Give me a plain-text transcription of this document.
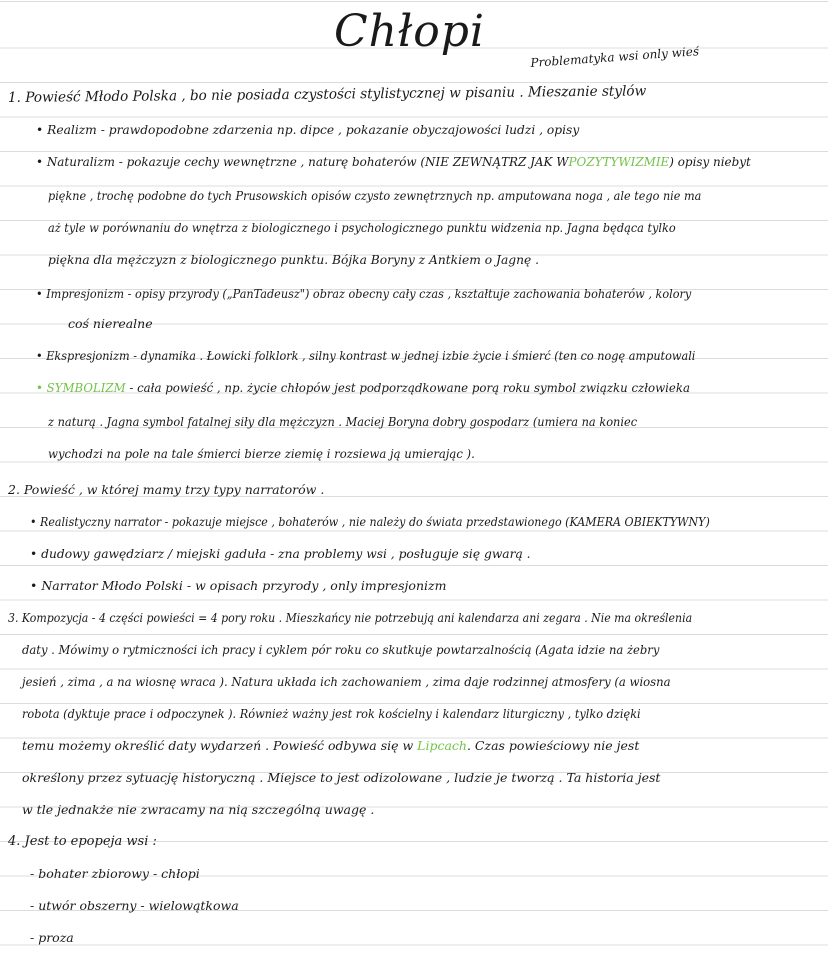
Chłopi
Problematyka wsi only wieś
1. Powieść Młodo Polska , bo nie posiada czystości stylistycznej w pisaniu . Mieszanie stylów
• Realizm - prawdopodobne zdarzenia np. dipce , pokazanie obyczajowości ludzi , opisy
• Naturalizm - pokazuje cechy wewnętrzne , naturę bohaterów (NIE ZEWNĄTRZ JAK WPOZYTYWIZMIE) opisy niebyt
piękne , trochę podobne do tych Prusowskich opisów czysto zewnętrznych np. amputowana noga , ale tego nie ma
aż tyle w porównaniu do wnętrza z biologicznego i psychologicznego punktu widzenia np. Jagna będąca tylko
piękna dla mężczyzn z biologicznego punktu. Bójka Boryny z Antkiem o Jagnę .
• Impresjonizm - opisy przyrody („PanTadeusz") obraz obecny cały czas , kształtuje zachowania bohaterów , kolory
coś nierealne
• Ekspresjonizm - dynamika . Łowicki folklork , silny kontrast w jednej izbie życie i śmierć (ten co nogę amputowali
• SYMBOLIZM - cała powieść , np. życie chłopów jest podporządkowane porą roku symbol związku człowieka
z naturą . Jagna symbol fatalnej siły dla mężczyzn . Maciej Boryna dobry gospodarz (umiera na koniec
wychodzi na pole na tale śmierci bierze ziemię i rozsiewa ją umierając ).
2. Powieść , w której mamy trzy typy narratorów .
• Realistyczny narrator - pokazuje miejsce , bohaterów , nie należy do świata przedstawionego (KAMERA OBIEKTYWNY)
• dudowy gawędziarz / miejski gaduła - zna problemy wsi , posługuje się gwarą .
• Narrator Młodo Polski - w opisach przyrody , only impresjonizm
3. Kompozycja - 4 części powieści = 4 pory roku . Mieszkańcy nie potrzebują ani kalendarza ani zegara . Nie ma określenia
daty . Mówimy o rytmiczności ich pracy i cyklem pór roku co skutkuje powtarzalnością (Agata idzie na żebry
jesień , zima , a na wiosnę wraca ). Natura układa ich zachowaniem , zima daje rodzinnej atmosfery (a wiosna
robota (dyktuje prace i odpoczynek ). Również ważny jest rok kościelny i kalendarz liturgiczny , tylko dzięki
temu możemy określić daty wydarzeń . Powieść odbywa się w Lipcach. Czas powieściowy nie jest
określony przez sytuację historyczną . Miejsce to jest odizolowane , ludzie je tworzą . Ta historia jest
w tle jednakże nie zwracamy na nią szczególną uwagę .
4. Jest to epopeja wsi :
- bohater zbiorowy - chłopi
- utwór obszerny - wielowątkowa
- proza
